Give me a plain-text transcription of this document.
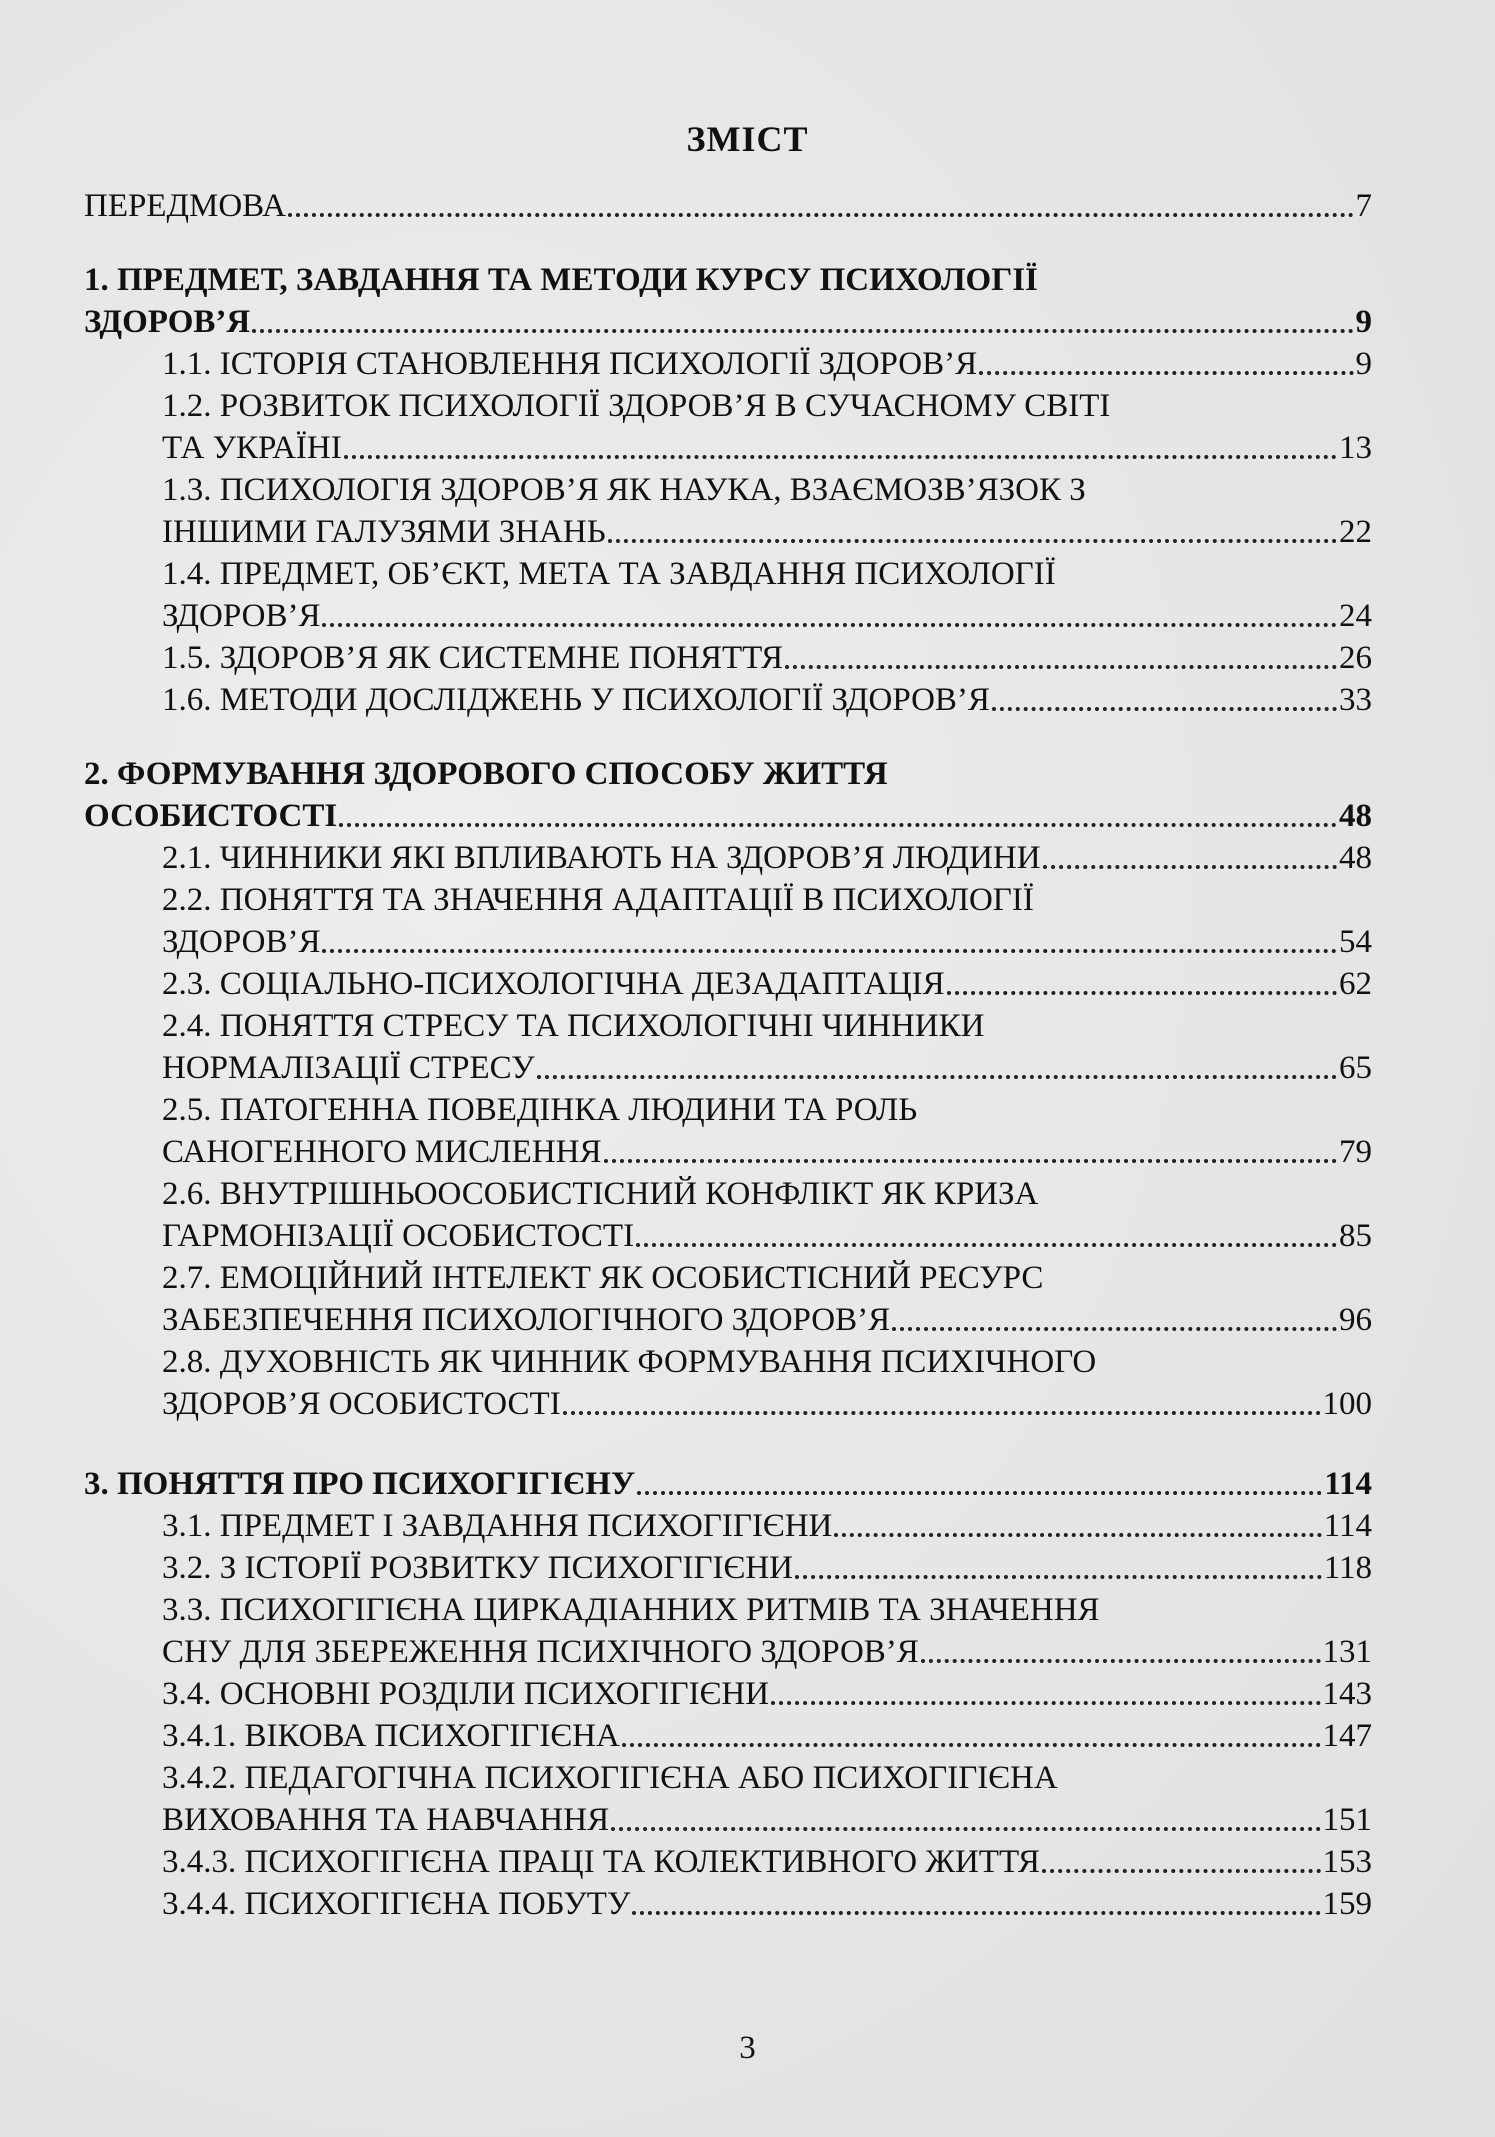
ЗМІСТ
ПЕРЕДМОВА	7
1. ПРЕДМЕТ, ЗАВДАННЯ ТА МЕТОДИ КУРСУ ПСИХОЛОГІЇ
ЗДОРОВ’Я	9
1.1. ІСТОРІЯ СТАНОВЛЕННЯ ПСИХОЛОГІЇ ЗДОРОВ’Я	9
1.2. РОЗВИТОК ПСИХОЛОГІЇ ЗДОРОВ’Я В СУЧАСНОМУ СВІТІ
ТА УКРАЇНІ	13
1.3. ПСИХОЛОГІЯ ЗДОРОВ’Я ЯК НАУКА, ВЗАЄМОЗВ’ЯЗОК З
ІНШИМИ ГАЛУЗЯМИ ЗНАНЬ	22
1.4. ПРЕДМЕТ, ОБ’ЄКТ, МЕТА ТА ЗАВДАННЯ ПСИХОЛОГІЇ
ЗДОРОВ’Я	24
1.5. ЗДОРОВ’Я ЯК СИСТЕМНЕ ПОНЯТТЯ	26
1.6. МЕТОДИ ДОСЛІДЖЕНЬ У ПСИХОЛОГІЇ ЗДОРОВ’Я	33
2. ФОРМУВАННЯ ЗДОРОВОГО СПОСОБУ ЖИТТЯ
ОСОБИСТОСТІ	48
2.1. ЧИННИКИ ЯКІ ВПЛИВАЮТЬ НА ЗДОРОВ’Я ЛЮДИНИ	48
2.2. ПОНЯТТЯ ТА ЗНАЧЕННЯ АДАПТАЦІЇ В ПСИХОЛОГІЇ
ЗДОРОВ’Я	54
2.3. СОЦІАЛЬНО-ПСИХОЛОГІЧНА ДЕЗАДАПТАЦІЯ	62
2.4. ПОНЯТТЯ СТРЕСУ ТА ПСИХОЛОГІЧНІ ЧИННИКИ
НОРМАЛІЗАЦІЇ СТРЕСУ	65
2.5. ПАТОГЕННА ПОВЕДІНКА ЛЮДИНИ ТА РОЛЬ
САНОГЕННОГО МИСЛЕННЯ	79
2.6. ВНУТРІШНЬООСОБИСТІСНИЙ КОНФЛІКТ ЯК КРИЗА
ГАРМОНІЗАЦІЇ ОСОБИСТОСТІ	85
2.7. ЕМОЦІЙНИЙ ІНТЕЛЕКТ ЯК ОСОБИСТІСНИЙ РЕСУРС
ЗАБЕЗПЕЧЕННЯ ПСИХОЛОГІЧНОГО ЗДОРОВ’Я	96
2.8. ДУХОВНІСТЬ ЯК ЧИННИК ФОРМУВАННЯ ПСИХІЧНОГО
ЗДОРОВ’Я ОСОБИСТОСТІ	100
3. ПОНЯТТЯ ПРО ПСИХОГІГІЄНУ	114
3.1. ПРЕДМЕТ І ЗАВДАННЯ ПСИХОГІГІЄНИ	114
3.2. З ІСТОРІЇ РОЗВИТКУ ПСИХОГІГІЄНИ	118
3.3. ПСИХОГІГІЄНА ЦИРКАДІАННИХ РИТМІВ ТА ЗНАЧЕННЯ
СНУ ДЛЯ ЗБЕРЕЖЕННЯ ПСИХІЧНОГО ЗДОРОВ’Я	131
3.4. ОСНОВНІ РОЗДІЛИ ПСИХОГІГІЄНИ	143
3.4.1. ВІКОВА ПСИХОГІГІЄНА	147
3.4.2. ПЕДАГОГІЧНА ПСИХОГІГІЄНА АБО ПСИХОГІГІЄНА
ВИХОВАННЯ ТА НАВЧАННЯ	151
3.4.3. ПСИХОГІГІЄНА ПРАЦІ ТА КОЛЕКТИВНОГО ЖИТТЯ	153
3.4.4. ПСИХОГІГІЄНА ПОБУТУ	159
3
